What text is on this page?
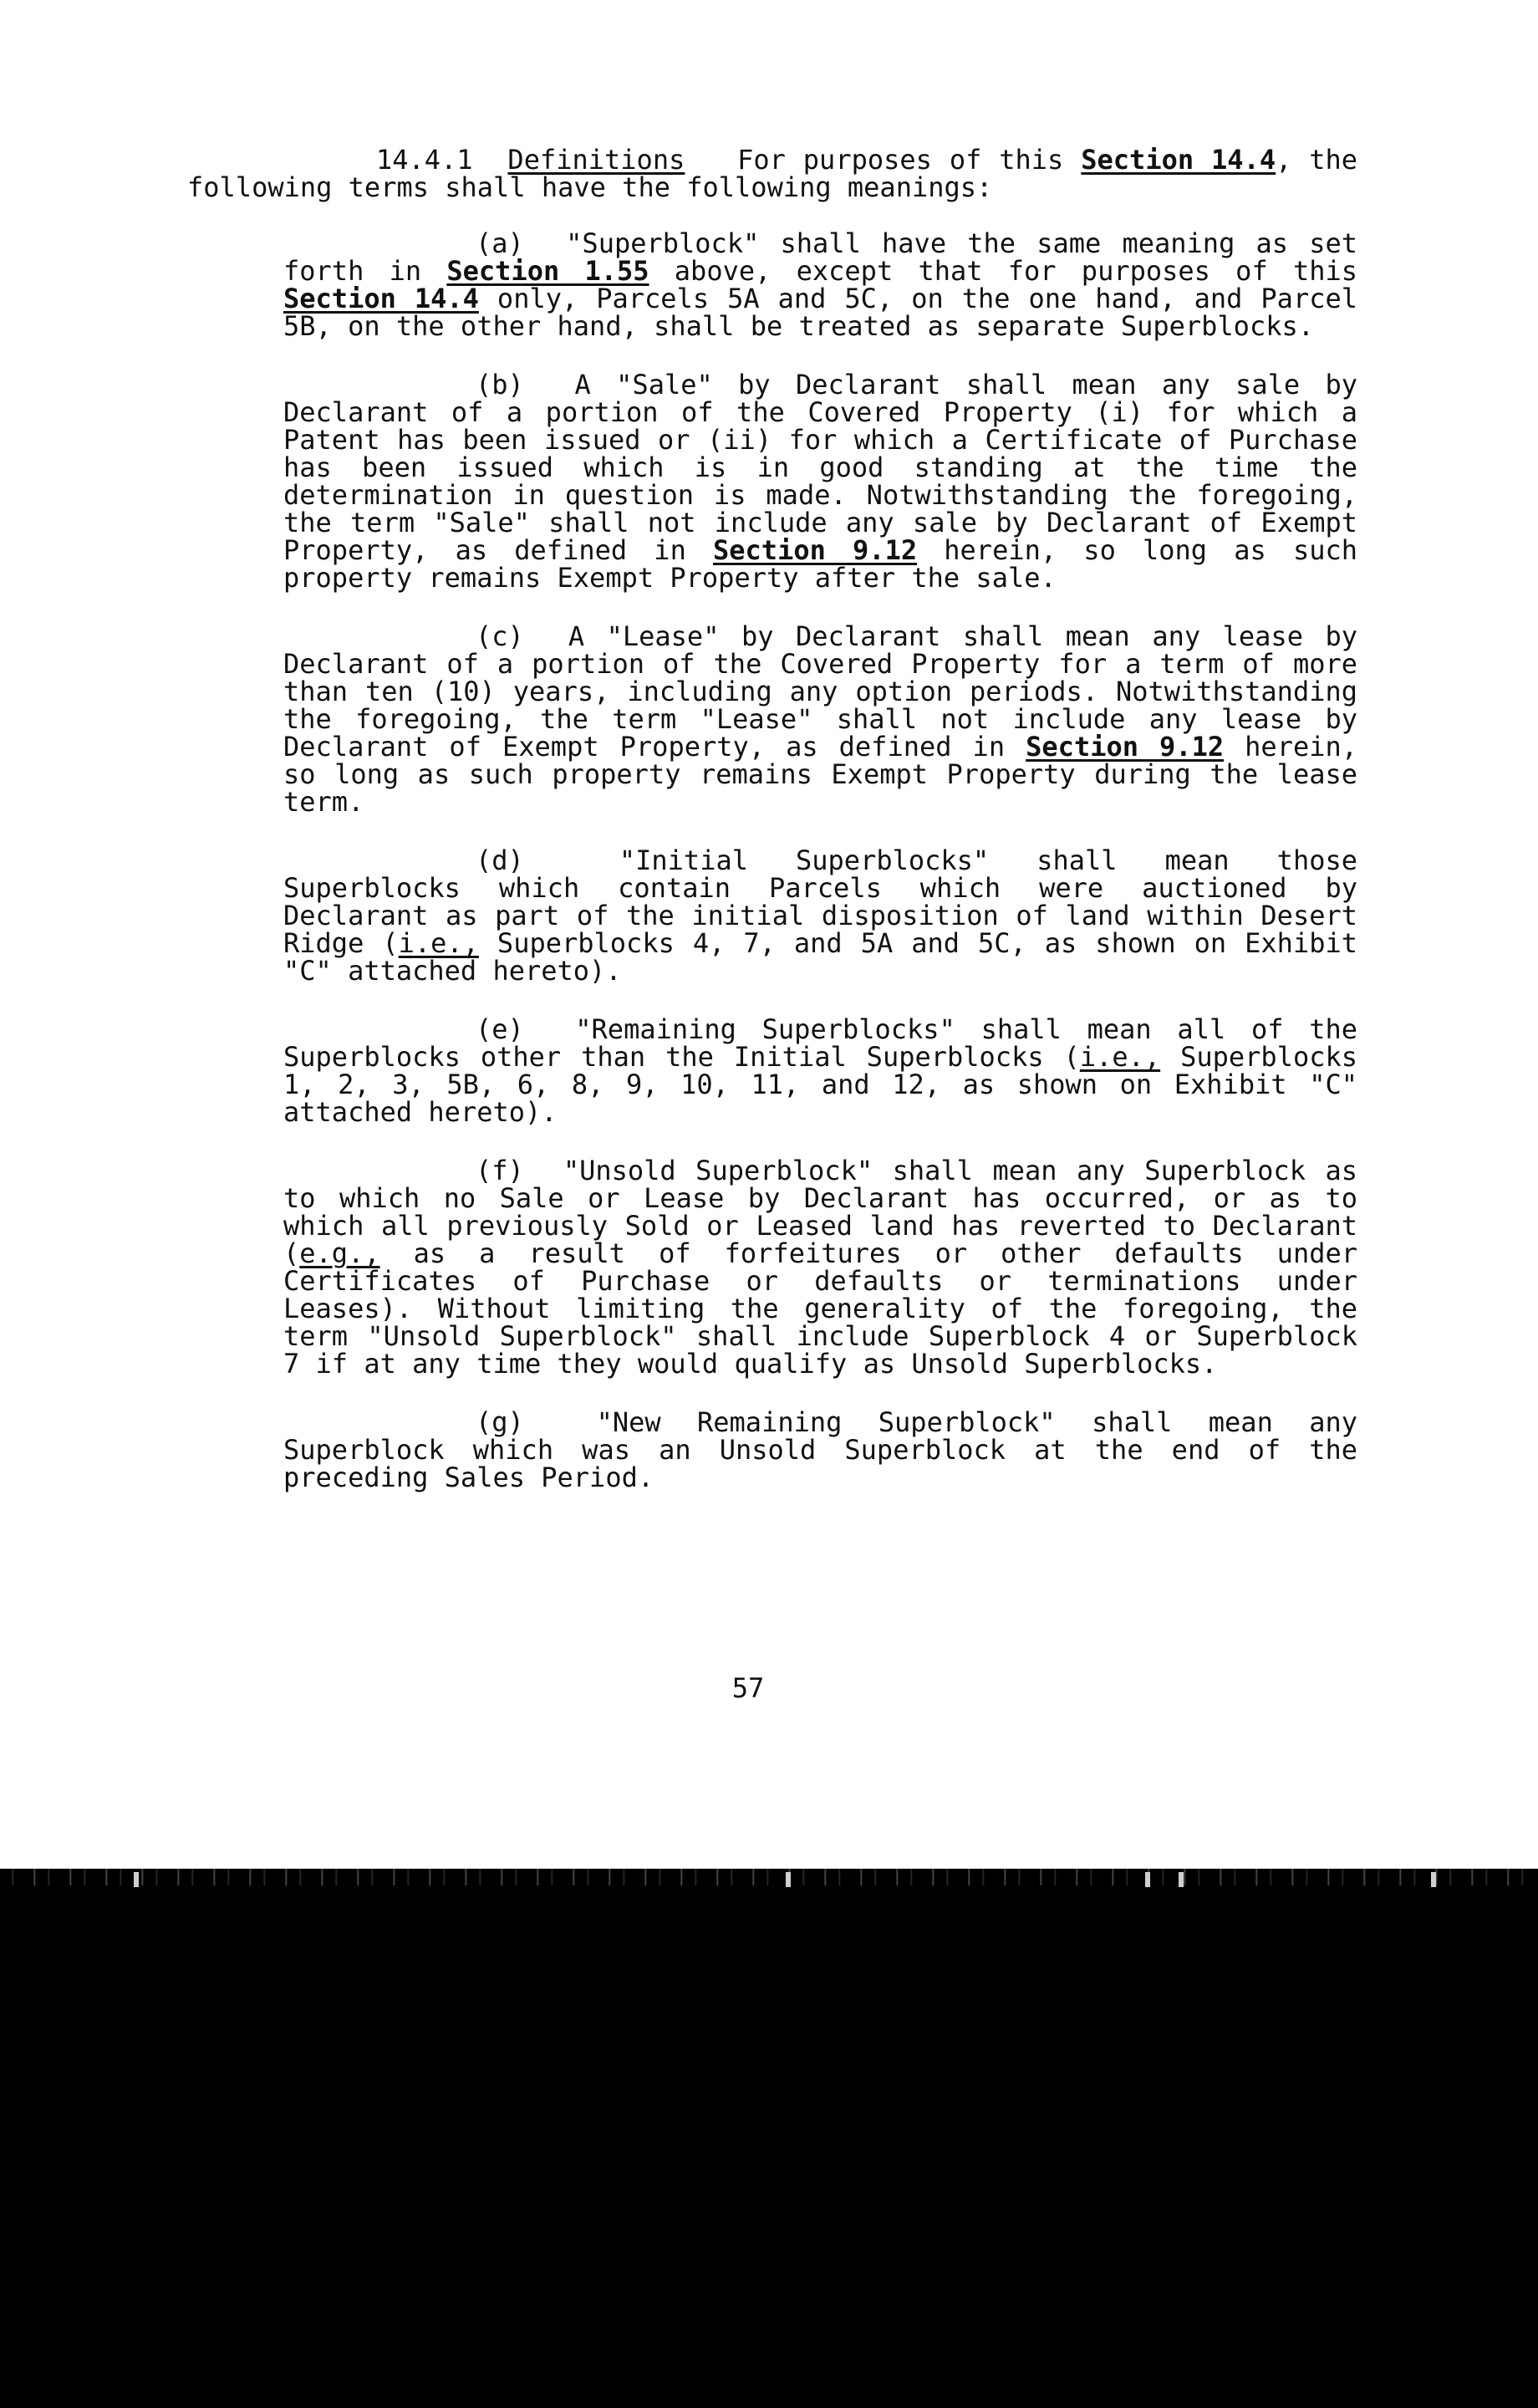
14.4.1 Definitions For purposes of this Section 14.4, the following terms shall have the following meanings:

(a) "Superblock" shall have the same meaning as set forth in Section 1.55 above, except that for purposes of this Section 14.4 only, Parcels 5A and 5C, on the one hand, and Parcel 5B, on the other hand, shall be treated as separate Superblocks.

(b) A "Sale" by Declarant shall mean any sale by Declarant of a portion of the Covered Property (i) for which a Patent has been issued or (ii) for which a Certificate of Purchase has been issued which is in good standing at the time the determination in question is made. Notwithstanding the foregoing, the term "Sale" shall not include any sale by Declarant of Exempt Property, as defined in Section 9.12 herein, so long as such property remains Exempt Property after the sale.

(c) A "Lease" by Declarant shall mean any lease by Declarant of a portion of the Covered Property for a term of more than ten (10) years, including any option periods. Notwithstanding the foregoing, the term "Lease" shall not include any lease by Declarant of Exempt Property, as defined in Section 9.12 herein, so long as such property remains Exempt Property during the lease term.

(d)	"Initial Superblocks" shall mean those Superblocks which contain Parcels which were auctioned by Declarant as part of the initial disposition of land within Desert Ridge (i.e., Superblocks 4, 7, and 5A and 5C, as shown on Exhibit "C" attached hereto).

(e) "Remaining Superblocks" shall mean all of the Superblocks other than the Initial Superblocks (i.e., Superblocks 1, 2, 3, 5B, 6, 8, 9, 10, 11, and 12, as shown on Exhibit "C" attached hereto).

(f) "Unsold Superblock" shall mean any Superblock as to which no Sale or Lease by Declarant has occurred, or as to which all previously Sold or Leased land has reverted to Declarant (e.g., as a result of forfeitures or other defaults under Certificates of Purchase or defaults or terminations under Leases). Without limiting the generality of the foregoing, the term "Unsold Superblock" shall include Superblock 4 or Superblock 7 if at any time they would qualify as Unsold Superblocks.

(g)	"New Remaining Superblock" shall mean any Superblock which was an Unsold Superblock at the end of the preceding Sales Period.

57
